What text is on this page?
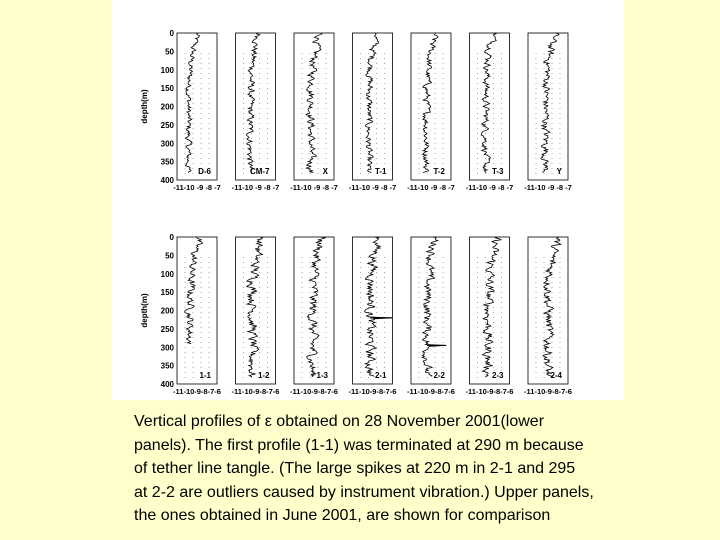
depth(m)
0
50
100
150
200
250
300
350
400
D-6
-11-10 -9 -8 -7
CM-7
-11-10 -9 -8 -7
X
-11-10 -9 -8 -7
T-1
-11-10 -9 -8 -7
T-2
-11-10 -9 -8 -7
T-3
-11-10 -9 -8 -7
Y
-11-10 -9 -8 -7
depth(m)
0
50
100
150
200
250
300
350
400
1-1
-11-10-9-8-7-6
1-2
-11-10-9-8-7-6
1-3
-11-10-9-8-7-6
2-1
-11-10-9-8-7-6
2-2
-11-10-9-8-7-6
2-3
-11-10-9-8-7-6
2-4
-11-10-9-8-7-6
Vertical profiles of ε obtained on 28 November 2001(lower
panels). The first profile (1-1) was terminated at 290 m because
of tether line tangle. (The large spikes at 220 m in 2-1 and 295
at 2-2 are outliers caused by instrument vibration.) Upper panels,
the ones obtained in June 2001, are shown for comparison
